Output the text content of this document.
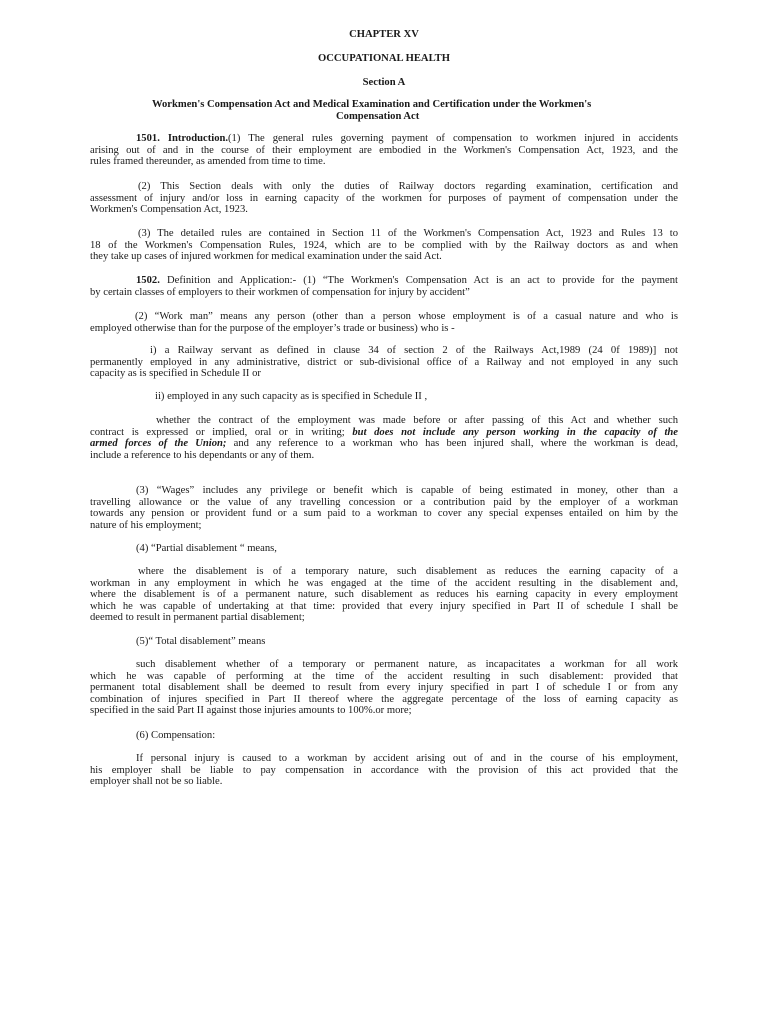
CHAPTER XV
OCCUPATIONAL HEALTH
Section A
Workmen's Compensation Act and Medical Examination and Certification under the Workmen's
Compensation Act
1501. Introduction.(1) The general rules governing payment of compensation to workmen injured in accidents
arising out of and in the course of their employment are embodied in the Workmen's Compensation Act, 1923, and the
rules framed thereunder, as amended from time to time.
(2) This Section deals with only the duties of Railway doctors regarding examination, certification and
assessment of injury and/or loss in earning capacity of the workmen for purposes of payment of compensation under the
Workmen's Compensation Act, 1923.
(3) The detailed rules are contained in Section 11 of the Workmen's Compensation Act, 1923 and Rules 13 to
18 of the Workmen's Compensation Rules, 1924, which are to be complied with by the Railway doctors as and when
they take up cases of injured workmen for medical examination under the said Act.
1502. Definition and Application:- (1) “The Workmen's Compensation Act is an act to provide for the payment
by certain classes of employers to their workmen of compensation for injury by accident”
(2) “Work man” means any person (other than a person whose employment is of a casual nature and who is
employed otherwise than for the purpose of the employer’s trade or business) who is -
i) a Railway servant as defined in clause 34 of section 2 of the Railways Act,1989 (24 0f 1989)] not
permanently employed in any administrative, district or sub-divisional office of a Railway and not employed in any such
capacity as is specified in Schedule II or
ii) employed in any such capacity as is specified in Schedule II ,
whether the contract of the employment was made before or after passing of this Act and whether such
contract is expressed or implied, oral or in writing; but does not include any person working in the capacity of the
armed forces of the Union; and any reference to a workman who has been injured shall, where the workman is dead,
include a reference to his dependants or any of them.
(3) “Wages” includes any privilege or benefit which is capable of being estimated in money, other than a
travelling allowance or the value of any travelling concession or a contribution paid by the employer of a workman
towards any pension or provident fund or a sum paid to a workman to cover any special expenses entailed on him by the
nature of his employment;
(4) “Partial disablement “ means,
where the disablement is of a temporary nature, such disablement as reduces the earning capacity of a
workman in any employment in which he was engaged at the time of the accident resulting in the disablement and,
where the disablement is of a permanent nature, such disablement as reduces his earning capacity in every employment
which he was capable of undertaking at that time: provided that every injury specified in Part II of schedule I shall be
deemed to result in permanent partial disablement;
(5)“ Total disablement” means
such disablement whether of a temporary or permanent nature, as incapacitates a workman for all work
which he was capable of performing at the time of the accident resulting in such disablement: provided that
permanent total disablement shall be deemed to result from every injury specified in part I of schedule I or from any
combination of injures specified in Part II thereof where the aggregate percentage of the loss of earning capacity as
specified in the said Part II against those injuries amounts to 100%.or more;
(6) Compensation:
If personal injury is caused to a workman by accident arising out of and in the course of his employment,
his employer shall be liable to pay compensation in accordance with the provision of this act provided that the
employer shall not be so liable.
